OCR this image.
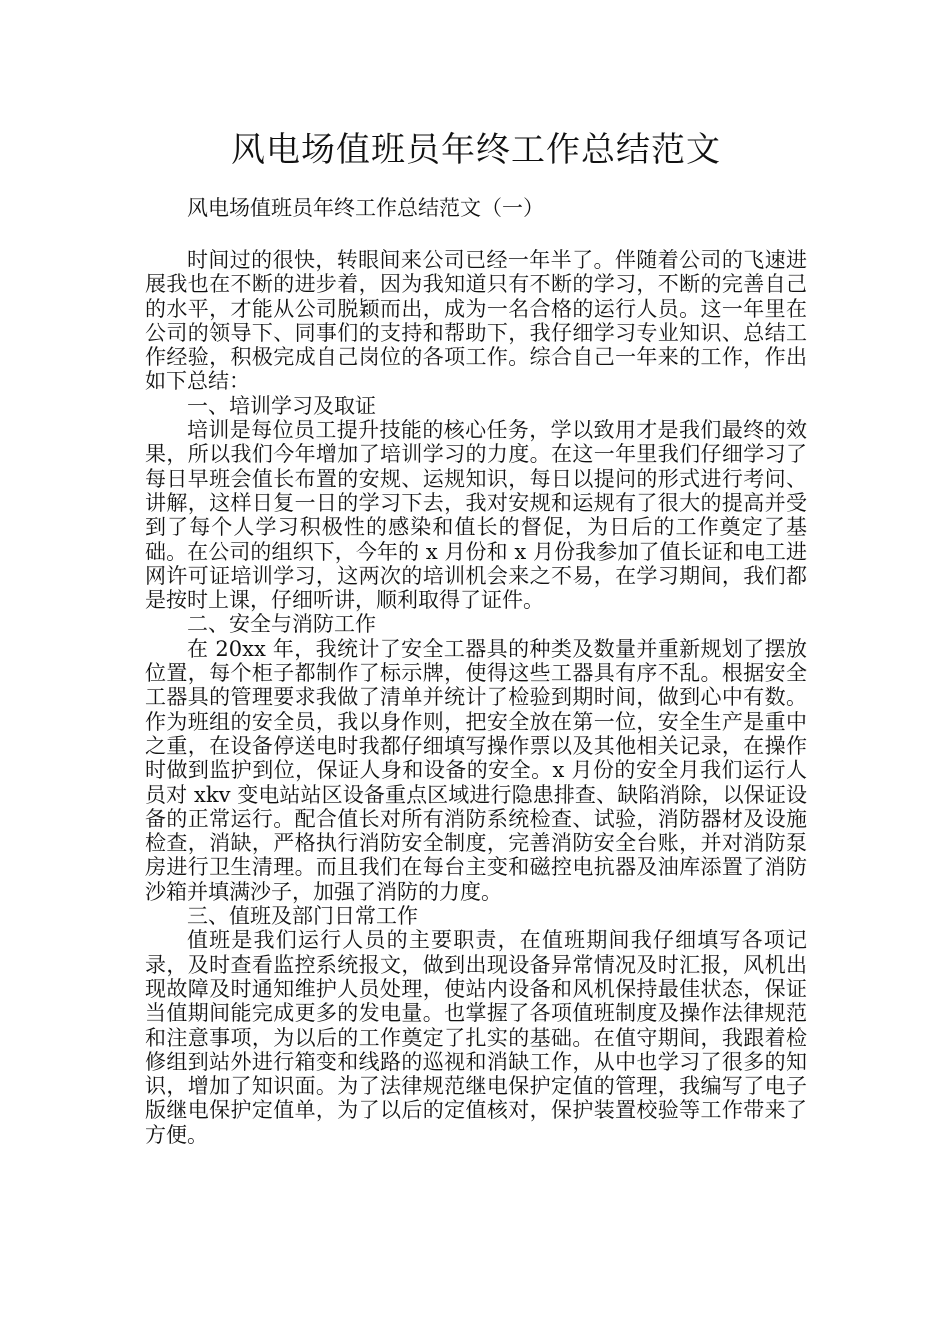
风电场值班员年终工作总结范文

风电场值班员年终工作总结范文（一）

时间过的很快，转眼间来公司已经一年半了。伴随着公司的飞速进展我也在不断的进步着，因为我知道只有不断的学习，不断的完善自己的水平，才能从公司脱颖而出，成为一名合格的运行人员。这一年里在公司的领导下、同事们的支持和帮助下，我仔细学习专业知识、总结工作经验，积极完成自己岗位的各项工作。综合自己一年来的工作，作出如下总结：

一、培训学习及取证

培训是每位员工提升技能的核心任务，学以致用才是我们最终的效果，所以我们今年增加了培训学习的力度。在这一年里我们仔细学习了每日早班会值长布置的安规、运规知识，每日以提问的形式进行考问、讲解，这样日复一日的学习下去，我对安规和运规有了很大的提高并受到了每个人学习积极性的感染和值长的督促，为日后的工作奠定了基础。在公司的组织下，今年的 x 月份和 x 月份我参加了值长证和电工进网许可证培训学习，这两次的培训机会来之不易，在学习期间，我们都是按时上课，仔细听讲，顺利取得了证件。

二、安全与消防工作

在 20xx 年，我统计了安全工器具的种类及数量并重新规划了摆放位置，每个柜子都制作了标示牌，使得这些工器具有序不乱。根据安全工器具的管理要求我做了清单并统计了检验到期时间，做到心中有数。作为班组的安全员，我以身作则，把安全放在第一位，安全生产是重中之重，在设备停送电时我都仔细填写操作票以及其他相关记录，在操作时做到监护到位，保证人身和设备的安全。x 月份的安全月我们运行人员对 xkv 变电站站区设备重点区域进行隐患排查、缺陷消除，以保证设备的正常运行。配合值长对所有消防系统检查、试验，消防器材及设施检查，消缺，严格执行消防安全制度，完善消防安全台账，并对消防泵房进行卫生清理。而且我们在每台主变和磁控电抗器及油库添置了消防沙箱并填满沙子，加强了消防的力度。

三、值班及部门日常工作

值班是我们运行人员的主要职责，在值班期间我仔细填写各项记录，及时查看监控系统报文，做到出现设备异常情况及时汇报，风机出现故障及时通知维护人员处理，使站内设备和风机保持最佳状态，保证当值期间能完成更多的发电量。也掌握了各项值班制度及操作法律规范和注意事项，为以后的工作奠定了扎实的基础。在值守期间，我跟着检修组到站外进行箱变和线路的巡视和消缺工作，从中也学习了很多的知识，增加了知识面。为了法律规范继电保护定值的管理，我编写了电子版继电保护定值单，为了以后的定值核对，保护装置校验等工作带来了方便。
